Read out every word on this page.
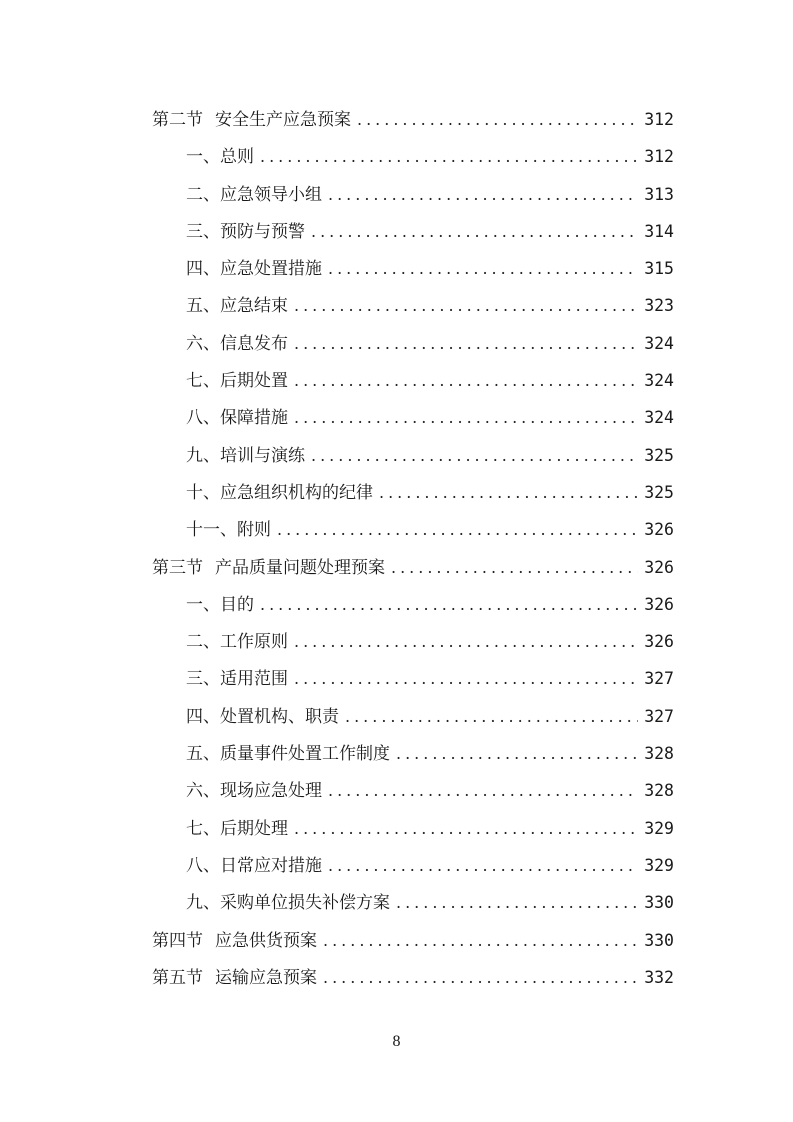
第二节 安全生产应急预案 .....	312
一、总则 .....	312
二、应急领导小组 .....	313
三、预防与预警 .....	314
四、应急处置措施 .....	315
五、应急结束 .....	323
六、信息发布 .....	324
七、后期处置 .....	324
八、保障措施 .....	324
九、培训与演练 .....	325
十、应急组织机构的纪律 .....	325
十一、附则 .....	326
第三节 产品质量问题处理预案 .....	326
一、目的 .....	326
二、工作原则 .....	326
三、适用范围 .....	327
四、处置机构、职责 .....	327
五、质量事件处置工作制度 .....	328
六、现场应急处理 .....	328
七、后期处理 .....	329
八、日常应对措施 .....	329
九、采购单位损失补偿方案 .....	330
第四节 应急供货预案 .....	330
第五节 运输应急预案 .....	332
8
